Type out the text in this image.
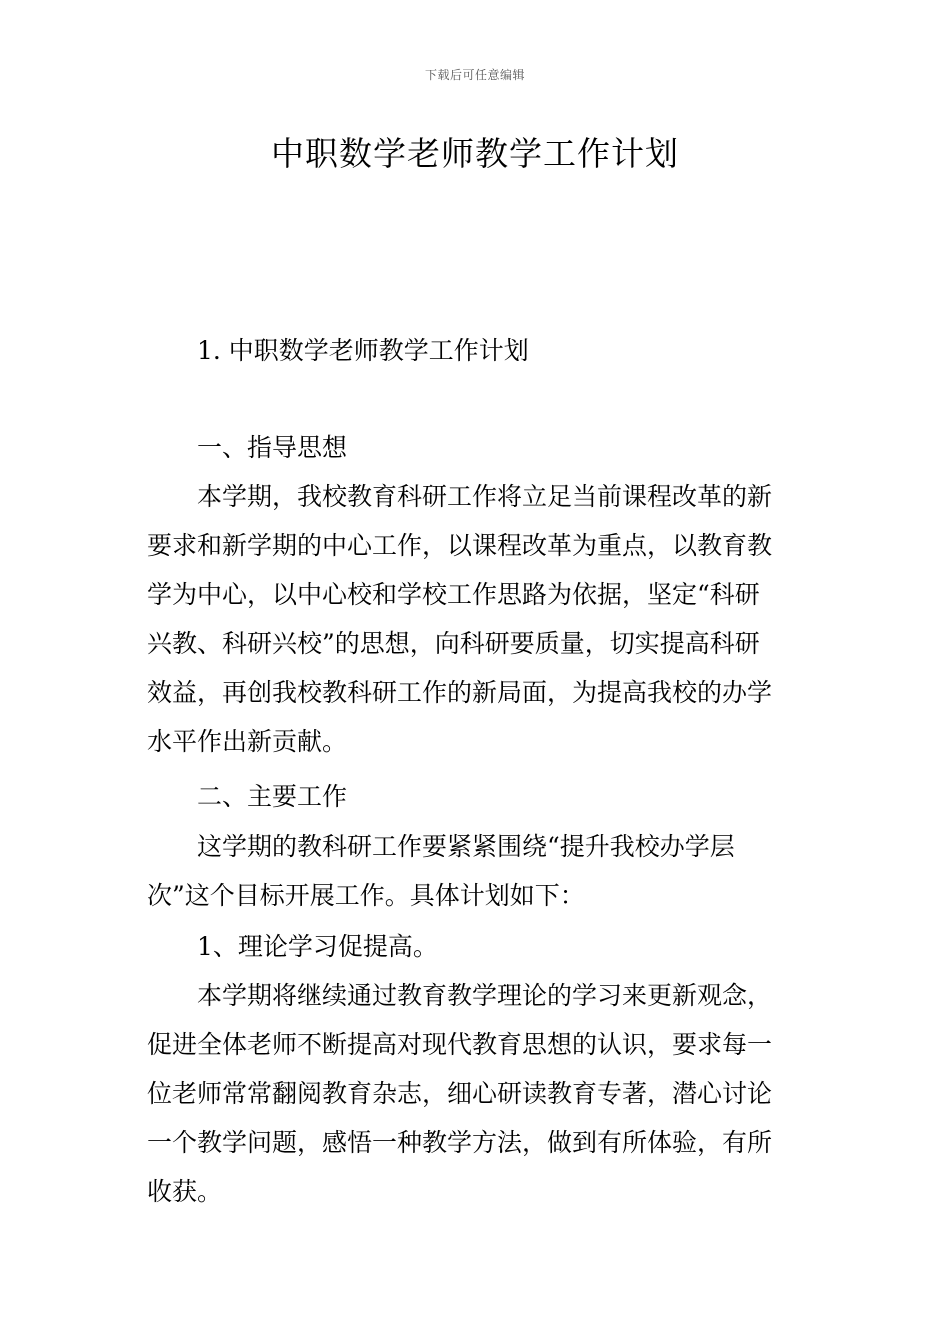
下载后可任意编辑
中职数学老师教学工作计划
1. 中职数学老师教学工作计划
一、指导思想
本学期，我校教育科研工作将立足当前课程改革的新
要求和新学期的中心工作，以课程改革为重点，以教育教
学为中心，以中心校和学校工作思路为依据，坚定“科研
兴教、科研兴校”的思想，向科研要质量，切实提高科研
效益，再创我校教科研工作的新局面，为提高我校的办学
水平作出新贡献。
二、主要工作
这学期的教科研工作要紧紧围绕“提升我校办学层
次”这个目标开展工作。具体计划如下：
1、理论学习促提高。
本学期将继续通过教育教学理论的学习来更新观念，
促进全体老师不断提高对现代教育思想的认识，要求每一
位老师常常翻阅教育杂志，细心研读教育专著，潜心讨论
一个教学问题，感悟一种教学方法，做到有所体验，有所
收获。
